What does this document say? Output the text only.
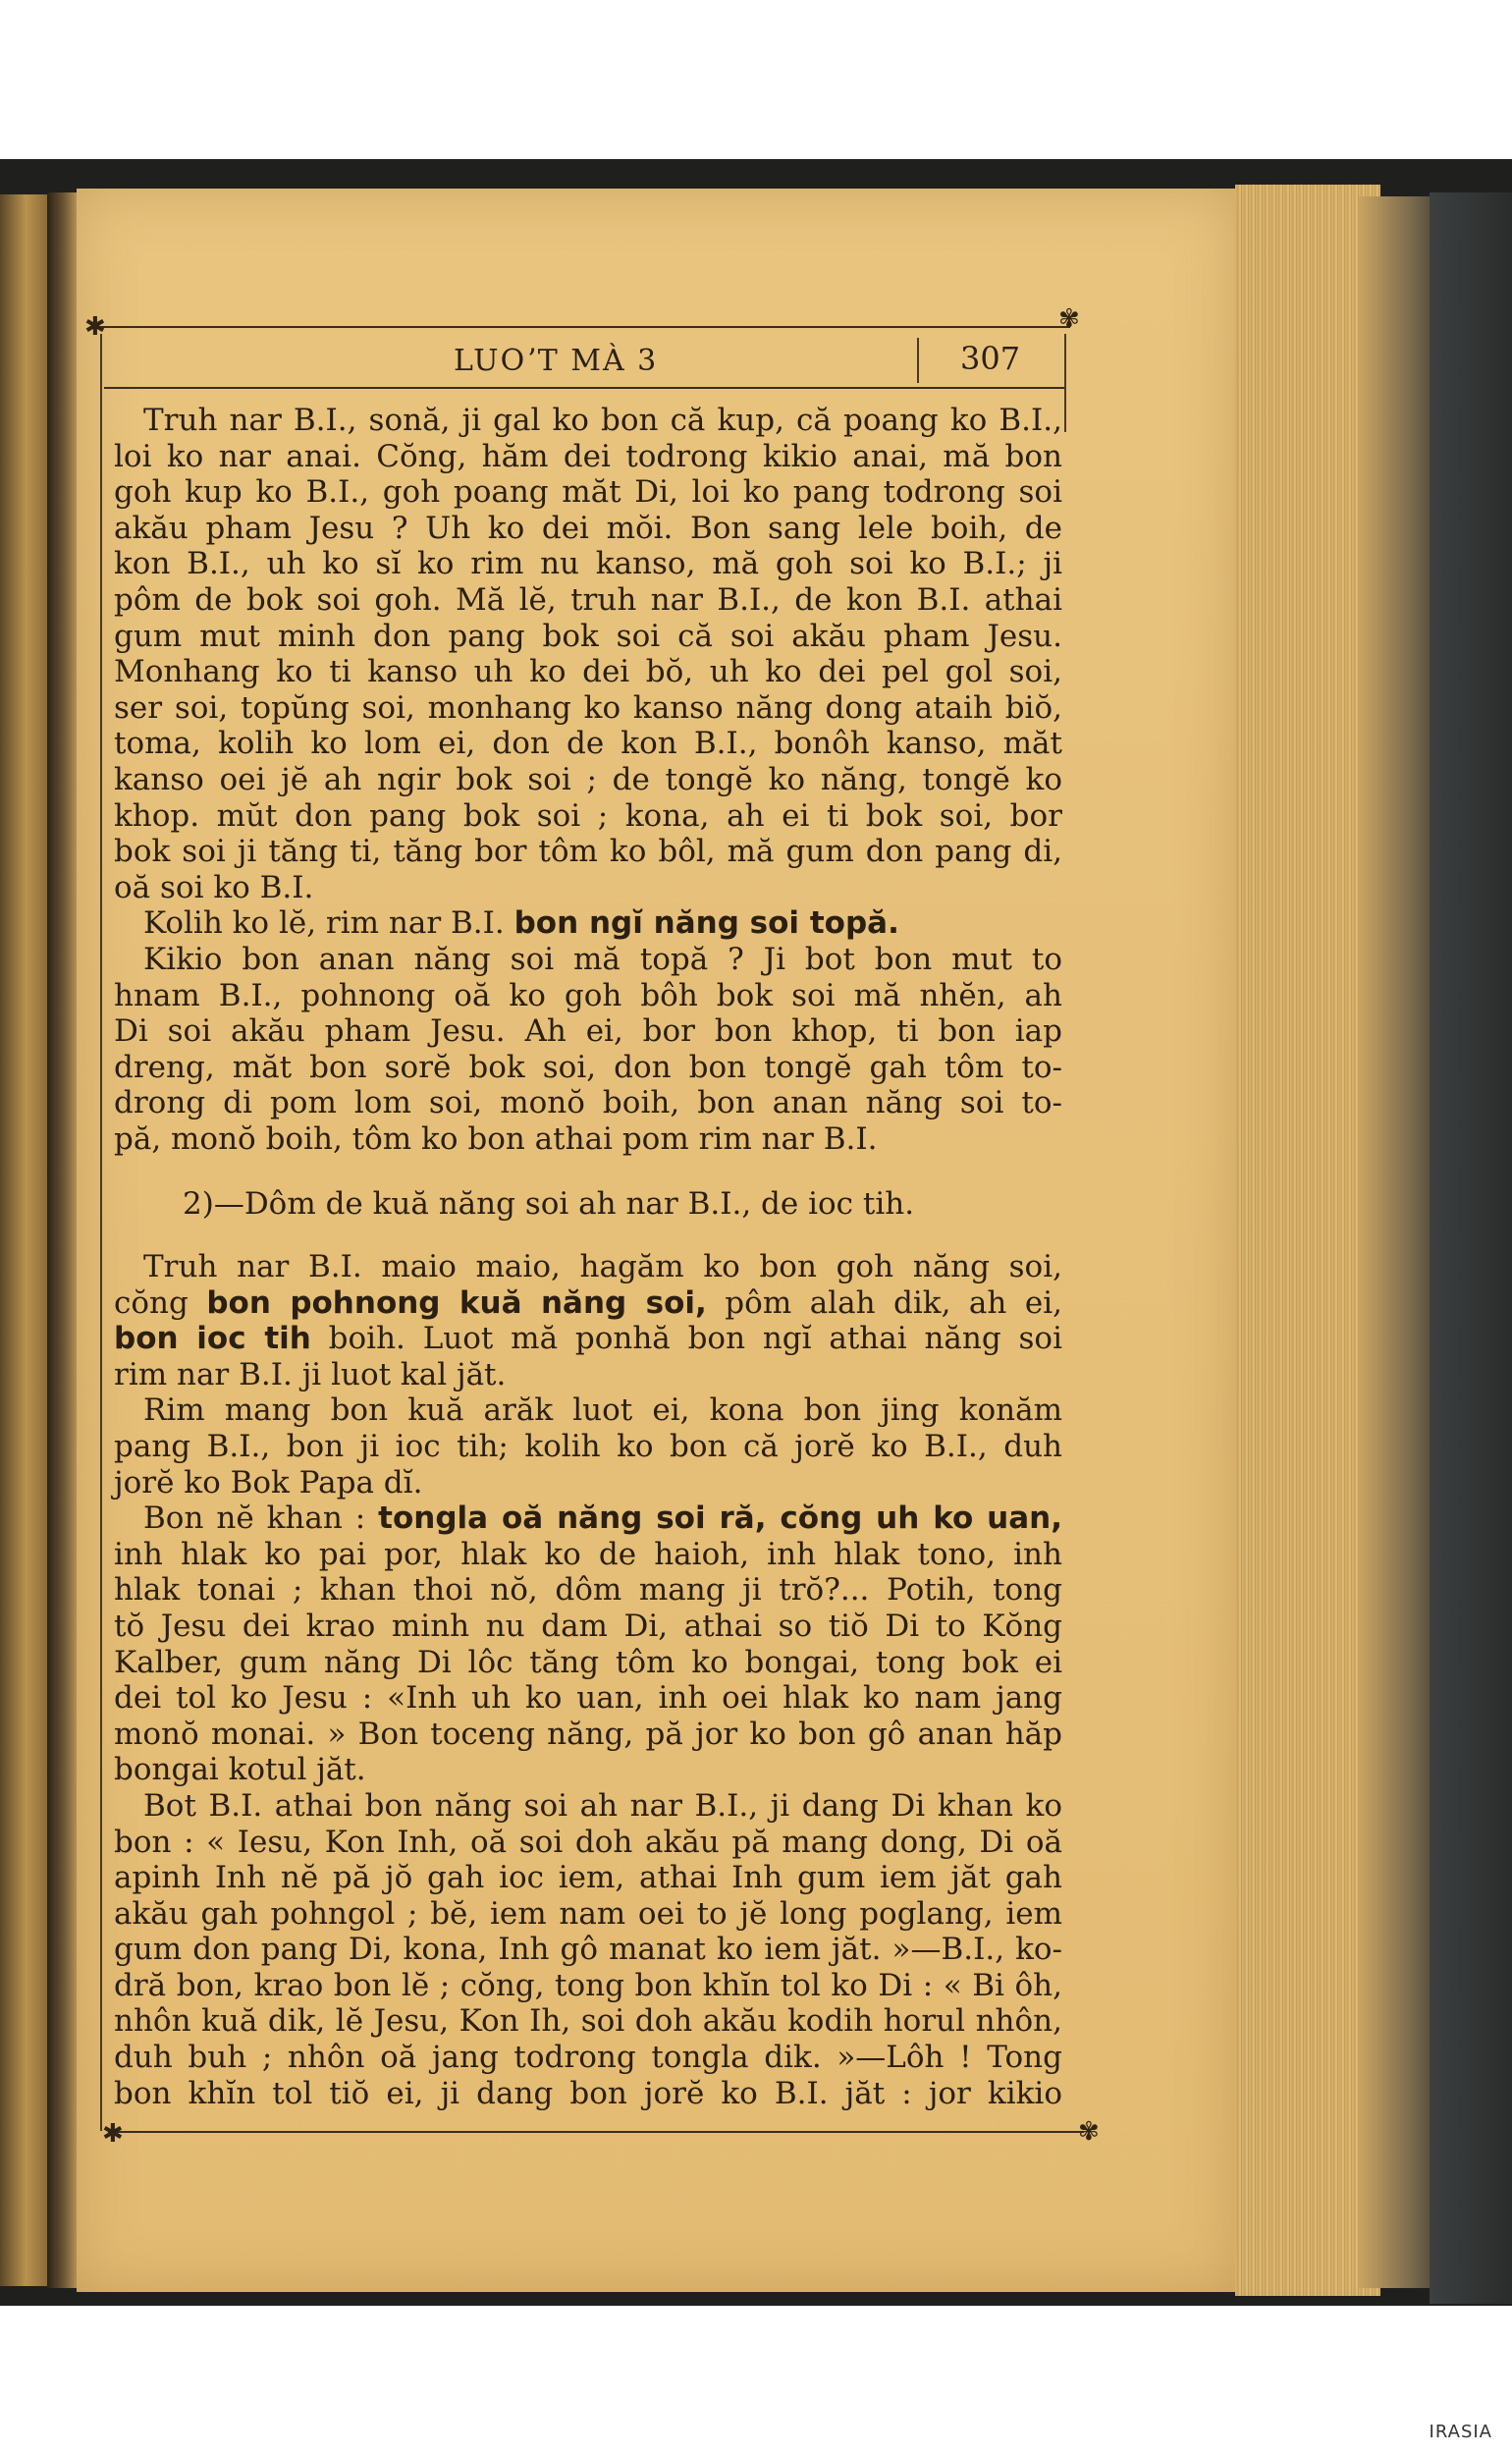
✱	✾
LUOʼT MÀ 3	307
Truh nar B.I., sonă, ji gal ko bon că kup, că poang ko B.I.,
loi ko nar anai. Cŏng, hăm dei todrong kikio anai, mă bon
goh kup ko B.I., goh poang măt Di, loi ko pang todrong soi
akău pham Jesu ? Uh ko dei mŏi. Bon sang lele boih, de
kon B.I., uh ko sĭ ko rim nu kanso, mă goh soi ko B.I.; ji
pôm de bok soi goh. Mă lĕ, truh nar B.I., de kon B.I. athai
gum mut minh don pang bok soi că soi akău pham Jesu.
Monhang ko ti kanso uh ko dei bŏ, uh ko dei pel gol soi,
ser soi, topŭng soi, monhang ko kanso năng dong ataih biŏ,
toma, kolih ko lom ei, don de kon B.I., bonôh kanso, măt
kanso oei jĕ ah ngir bok soi ; de tongĕ ko năng, tongĕ ko
khop. mŭt don pang bok soi ; kona, ah ei ti bok soi, bor
bok soi ji tăng ti, tăng bor tôm ko bôl, mă gum don pang di,
oă soi ko B.I.
Kolih ko lĕ, rim nar B.I. bon ngĭ năng soi topă.
Kikio bon anan năng soi mă topă ? Ji bot bon mut to
hnam B.I., pohnong oă ko goh bôh bok soi mă nhĕn, ah
Di soi akău pham Jesu. Ah ei, bor bon khop, ti bon iap
dreng, măt bon sorĕ bok soi, don bon tongĕ gah tôm to-
drong di pom lom soi, monŏ boih, bon anan năng soi to-
pă, monŏ boih, tôm ko bon athai pom rim nar B.I.
2)—Dôm de kuă năng soi ah nar B.I., de ioc tih.
Truh nar B.I. maio maio, hagăm ko bon goh năng soi,
cŏng bon pohnong kuă năng soi, pôm alah dik, ah ei,
bon ioc tih boih. Luot mă ponhă bon ngĭ athai năng soi
rim nar B.I. ji luot kal jăt.
Rim mang bon kuă arăk luot ei, kona bon jing konăm
pang B.I., bon ji ioc tih; kolih ko bon că jorĕ ko B.I., duh
jorĕ ko Bok Papa dĭ.
Bon nĕ khan : tongla oă năng soi ră, cŏng uh ko uan,
inh hlak ko pai por, hlak ko de haioh, inh hlak tono, inh
hlak tonai ; khan thoi nŏ, dôm mang ji trŏ?... Potih, tong
tŏ Jesu dei krao minh nu dam Di, athai so tiŏ Di to Kŏng
Kalber, gum năng Di lôc tăng tôm ko bongai, tong bok ei
dei tol ko Jesu : «Inh uh ko uan, inh oei hlak ko nam jang
monŏ monai. » Bon toceng năng, pă jor ko bon gô anan hăp
bongai kotul jăt.
Bot B.I. athai bon năng soi ah nar B.I., ji dang Di khan ko
bon : « Iesu, Kon Inh, oă soi doh akău pă mang dong, Di oă
apinh Inh nĕ pă jŏ gah ioc iem, athai Inh gum iem jăt gah
akău gah pohngol ; bĕ, iem nam oei to jĕ long poglang, iem
gum don pang Di, kona, Inh gô manat ko iem jăt. »—B.I., ko-
dră bon, krao bon lĕ ; cŏng, tong bon khĭn tol ko Di : « Bi ôh,
nhôn kuă dik, lĕ Jesu, Kon Ih, soi doh akău kodih horul nhôn,
duh buh ; nhôn oă jang todrong tongla dik. »—Lôh ! Tong
bon khĭn tol tiŏ ei, ji dang bon jorĕ ko B.I. jăt : jor kikio
✱	✾
IRASIA
